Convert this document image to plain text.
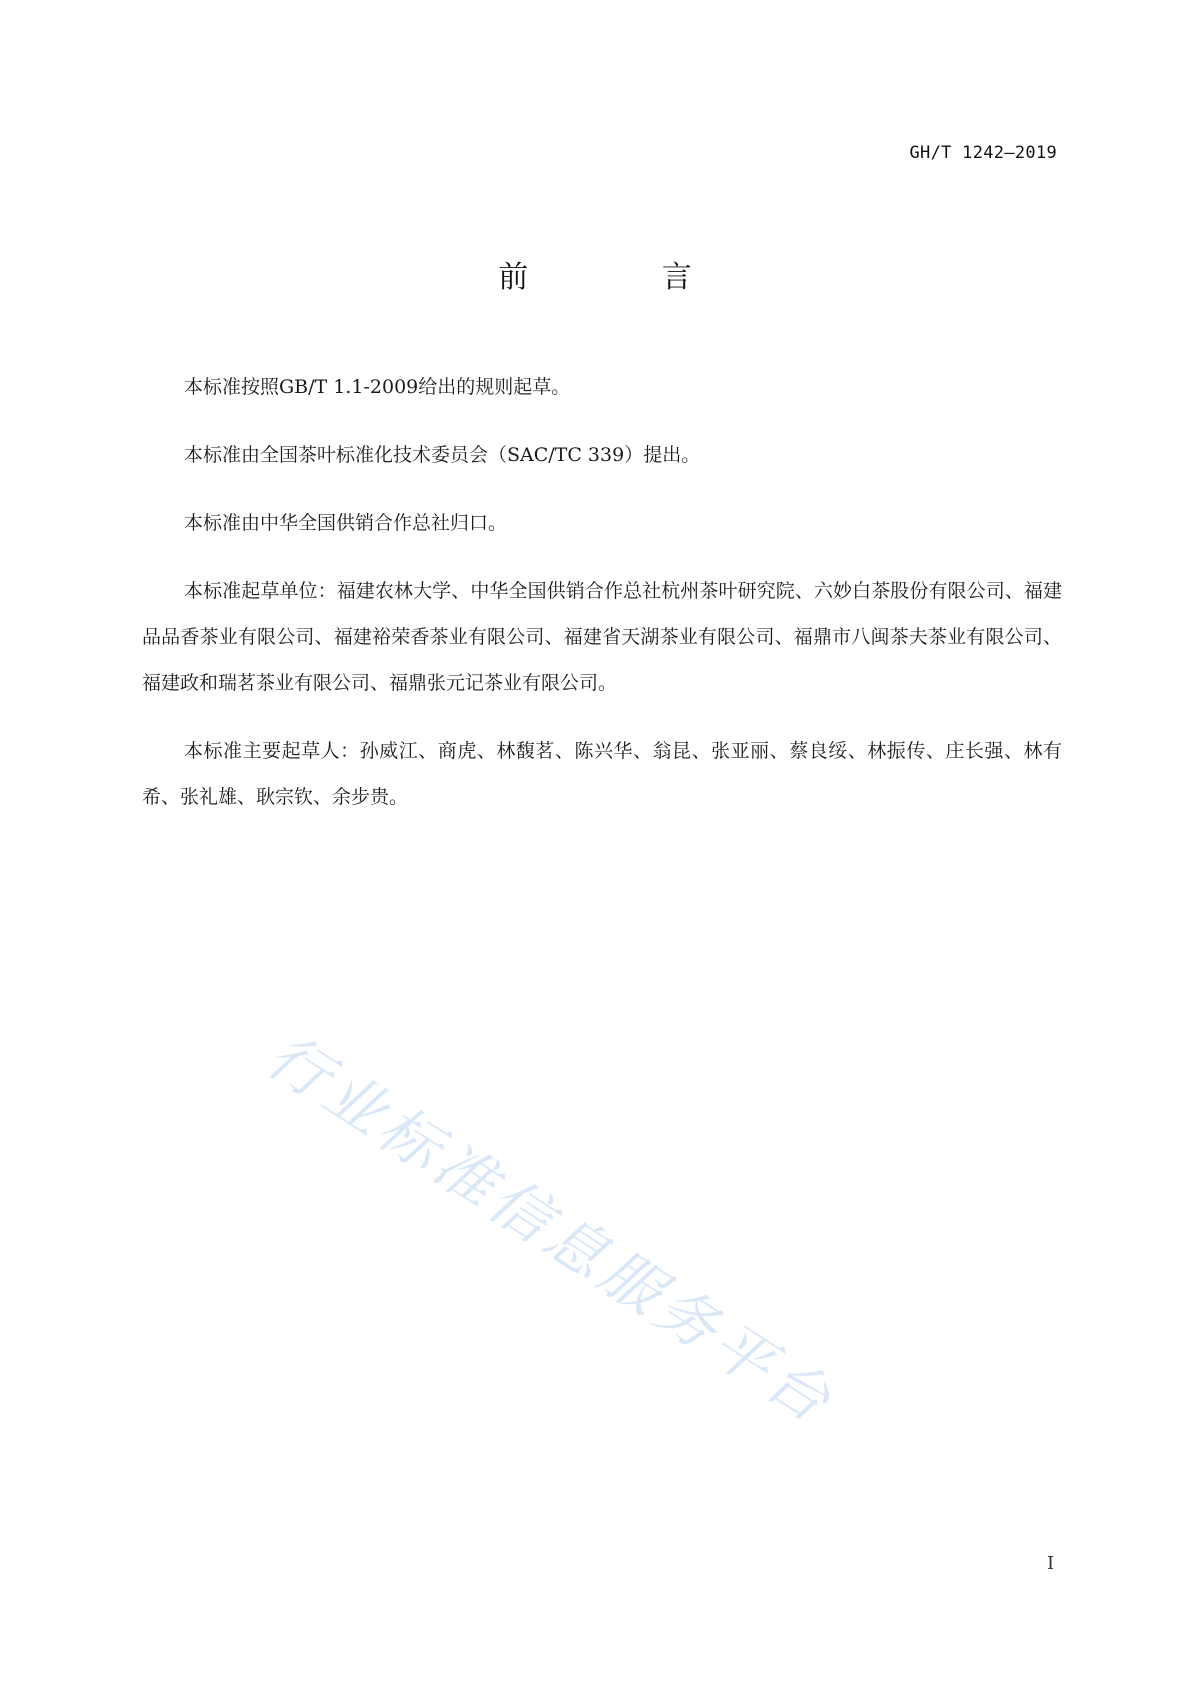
GH/T 1242—2019
前 言

本标准按照GB/T 1.1-2009给出的规则起草。

本标准由全国茶叶标准化技术委员会（SAC/TC 339）提出。

本标准由中华全国供销合作总社归口。

本标准起草单位：福建农林大学、中华全国供销合作总社杭州茶叶研究院、六妙白茶股份有限公司、福建品品香茶业有限公司、福建裕荣香茶业有限公司、福建省天湖茶业有限公司、福鼎市八闽茶夫茶业有限公司、福建政和瑞茗茶业有限公司、福鼎张元记茶业有限公司。

本标准主要起草人：孙威江、商虎、林馥茗、陈兴华、翁昆、张亚丽、蔡良绥、林振传、庄长强、林有希、张礼雄、耿宗钦、余步贵。

行业标准信息服务平台
I
